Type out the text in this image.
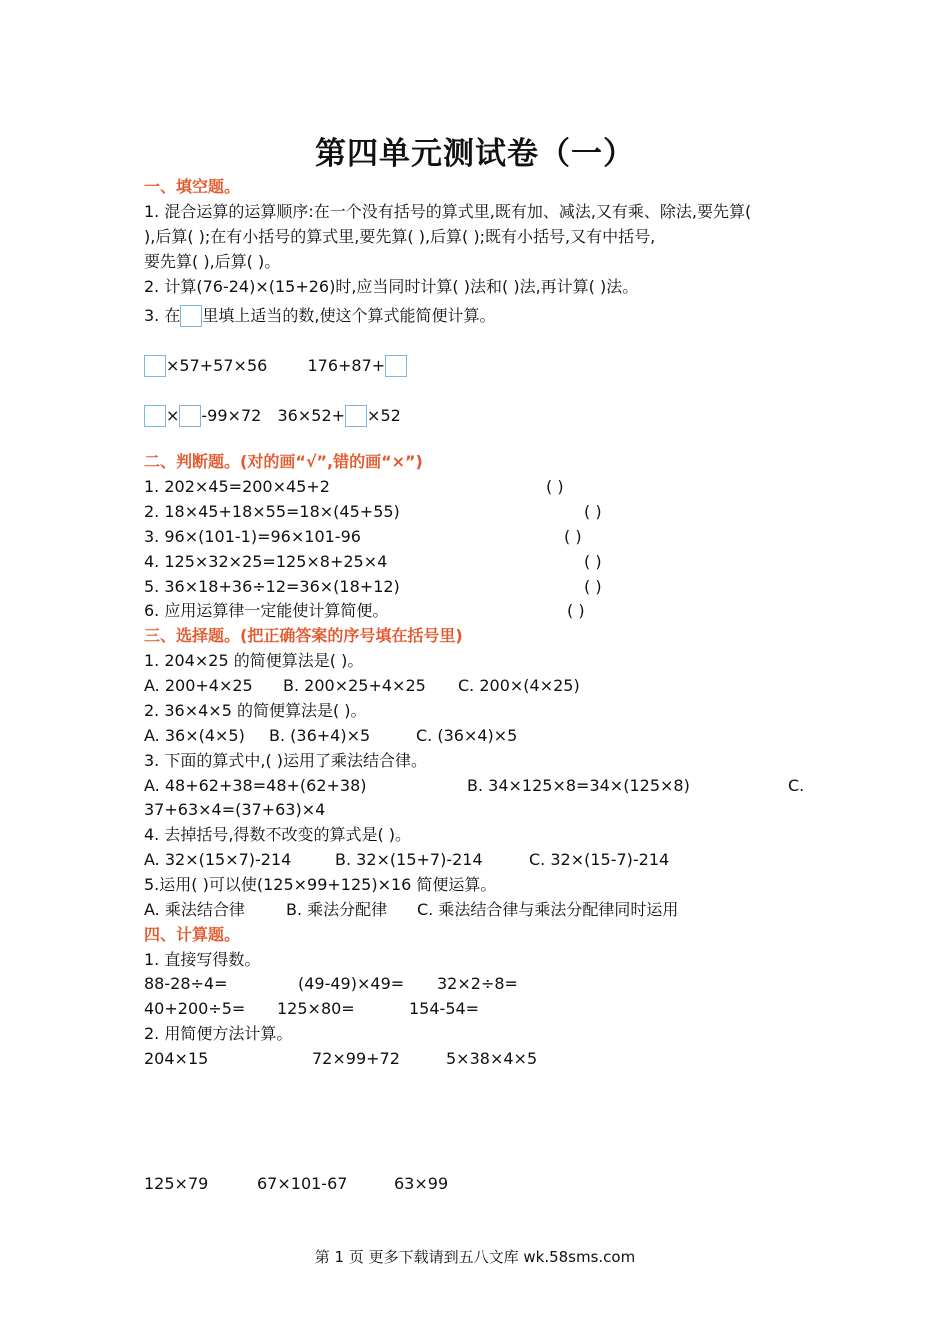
第四单元测试卷（一）
一、填空题。
1. 混合运算的运算顺序:在一个没有括号的算式里,既有加、减法,又有乘、除法,要先算(
),后算( );在有小括号的算式里,要先算( ),后算( );既有小括号,又有中括号,
要先算( ),后算( )。
2. 计算(76-24)×(15+26)时,应当同时计算( )法和( )法,再计算( )法。
3. 在 里填上适当的数,使这个算式能简便计算。
×57+57×56	176+87+
× -99×72 36×52+ ×52
二、判断题。(对的画“√”,错的画“×”)
1. 202×45=200×45+2	( )
2. 18×45+18×55=18×(45+55)	( )
3. 96×(101-1)=96×101-96	( )
4. 125×32×25=125×8+25×4	( )
5. 36×18+36÷12=36×(18+12)	( )
6. 应用运算律一定能使计算简便。	( )
三、选择题。(把正确答案的序号填在括号里)
1. 204×25 的简便算法是( )。
A. 200+4×25 B. 200×25+4×25 C. 200×(4×25)
2. 36×4×5 的简便算法是( )。
A. 36×(4×5) B. (36+4)×5	C. (36×4)×5
3. 下面的算式中,( )运用了乘法结合律。
A. 48+62+38=48+(62+38)	B. 34×125×8=34×(125×8)	C.
37+63×4=(37+63)×4
4. 去掉括号,得数不改变的算式是( )。
A. 32×(15×7)-214	B. 32×(15+7)-214	C. 32×(15-7)-214
5.运用( )可以使(125×99+125)×16 简便运算。
A. 乘法结合律	B. 乘法分配律 C. 乘法结合律与乘法分配律同时运用
四、计算题。
1. 直接写得数。
88-28÷4=	(49-49)×49= 32×2÷8=
40+200÷5= 125×80=	154-54=
2. 用简便方法计算。
204×15	72×99+72	5×38×4×5
125×79	67×101-67	63×99
第 1 页 更多下载请到五八文库 wk.58sms.com
